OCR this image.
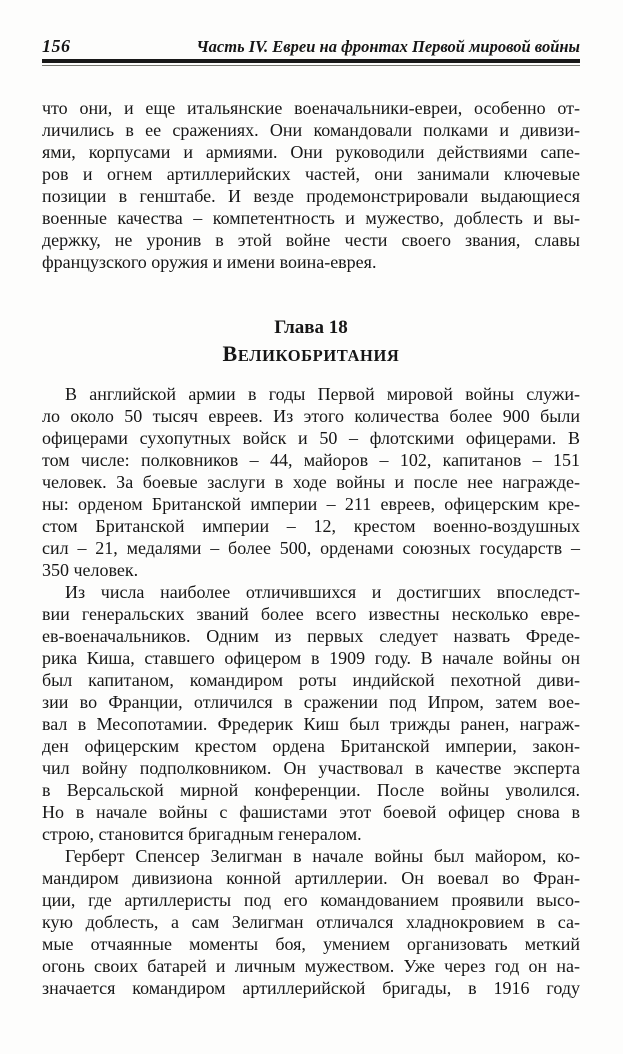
156	Часть IV. Евреи на фронтах Первой мировой войны

что они, и еще итальянские военачальники-евреи, особенно от-
личились в ее сражениях. Они командовали полками и дивизи-
ями, корпусами и армиями. Они руководили действиями сапе-
ров и огнем артиллерийских частей, они занимали ключевые
позиции в генштабе. И везде продемонстрировали выдающиеся
военные качества – компетентность и мужество, доблесть и вы-
держку, не уронив в этой войне чести своего звания, славы
французского оружия и имени воина-еврея.

Глава 18
ВЕЛИКОБРИТАНИЯ

В английской армии в годы Первой мировой войны служи-
ло около 50 тысяч евреев. Из этого количества более 900 были
офицерами сухопутных войск и 50 – флотскими офицерами. В
том числе: полковников – 44, майоров – 102, капитанов – 151
человек. За боевые заслуги в ходе войны и после нее награжде-
ны: орденом Британской империи – 211 евреев, офицерским кре-
стом Британской империи – 12, крестом военно-воздушных
сил – 21, медалями – более 500, орденами союзных государств –
350 человек.

Из числа наиболее отличившихся и достигших впоследст-
вии генеральских званий более всего известны несколько евре-
ев-военачальников. Одним из первых следует назвать Фреде-
рика Киша, ставшего офицером в 1909 году. В начале войны он
был капитаном, командиром роты индийской пехотной диви-
зии во Франции, отличился в сражении под Ипром, затем вое-
вал в Месопотамии. Фредерик Киш был трижды ранен, награж-
ден офицерским крестом ордена Британской империи, закон-
чил войну подполковником. Он участвовал в качестве эксперта
в Версальской мирной конференции. После войны уволился.
Но в начале войны с фашистами этот боевой офицер снова в
строю, становится бригадным генералом.

Герберт Спенсер Зелигман в начале войны был майором, ко-
мандиром дивизиона конной артиллерии. Он воевал во Фран-
ции, где артиллеристы под его командованием проявили высо-
кую доблесть, а сам Зелигман отличался хладнокровием в са-
мые отчаянные моменты боя, умением организовать меткий
огонь своих батарей и личным мужеством. Уже через год он на-
значается командиром артиллерийской бригады, в 1916 году
